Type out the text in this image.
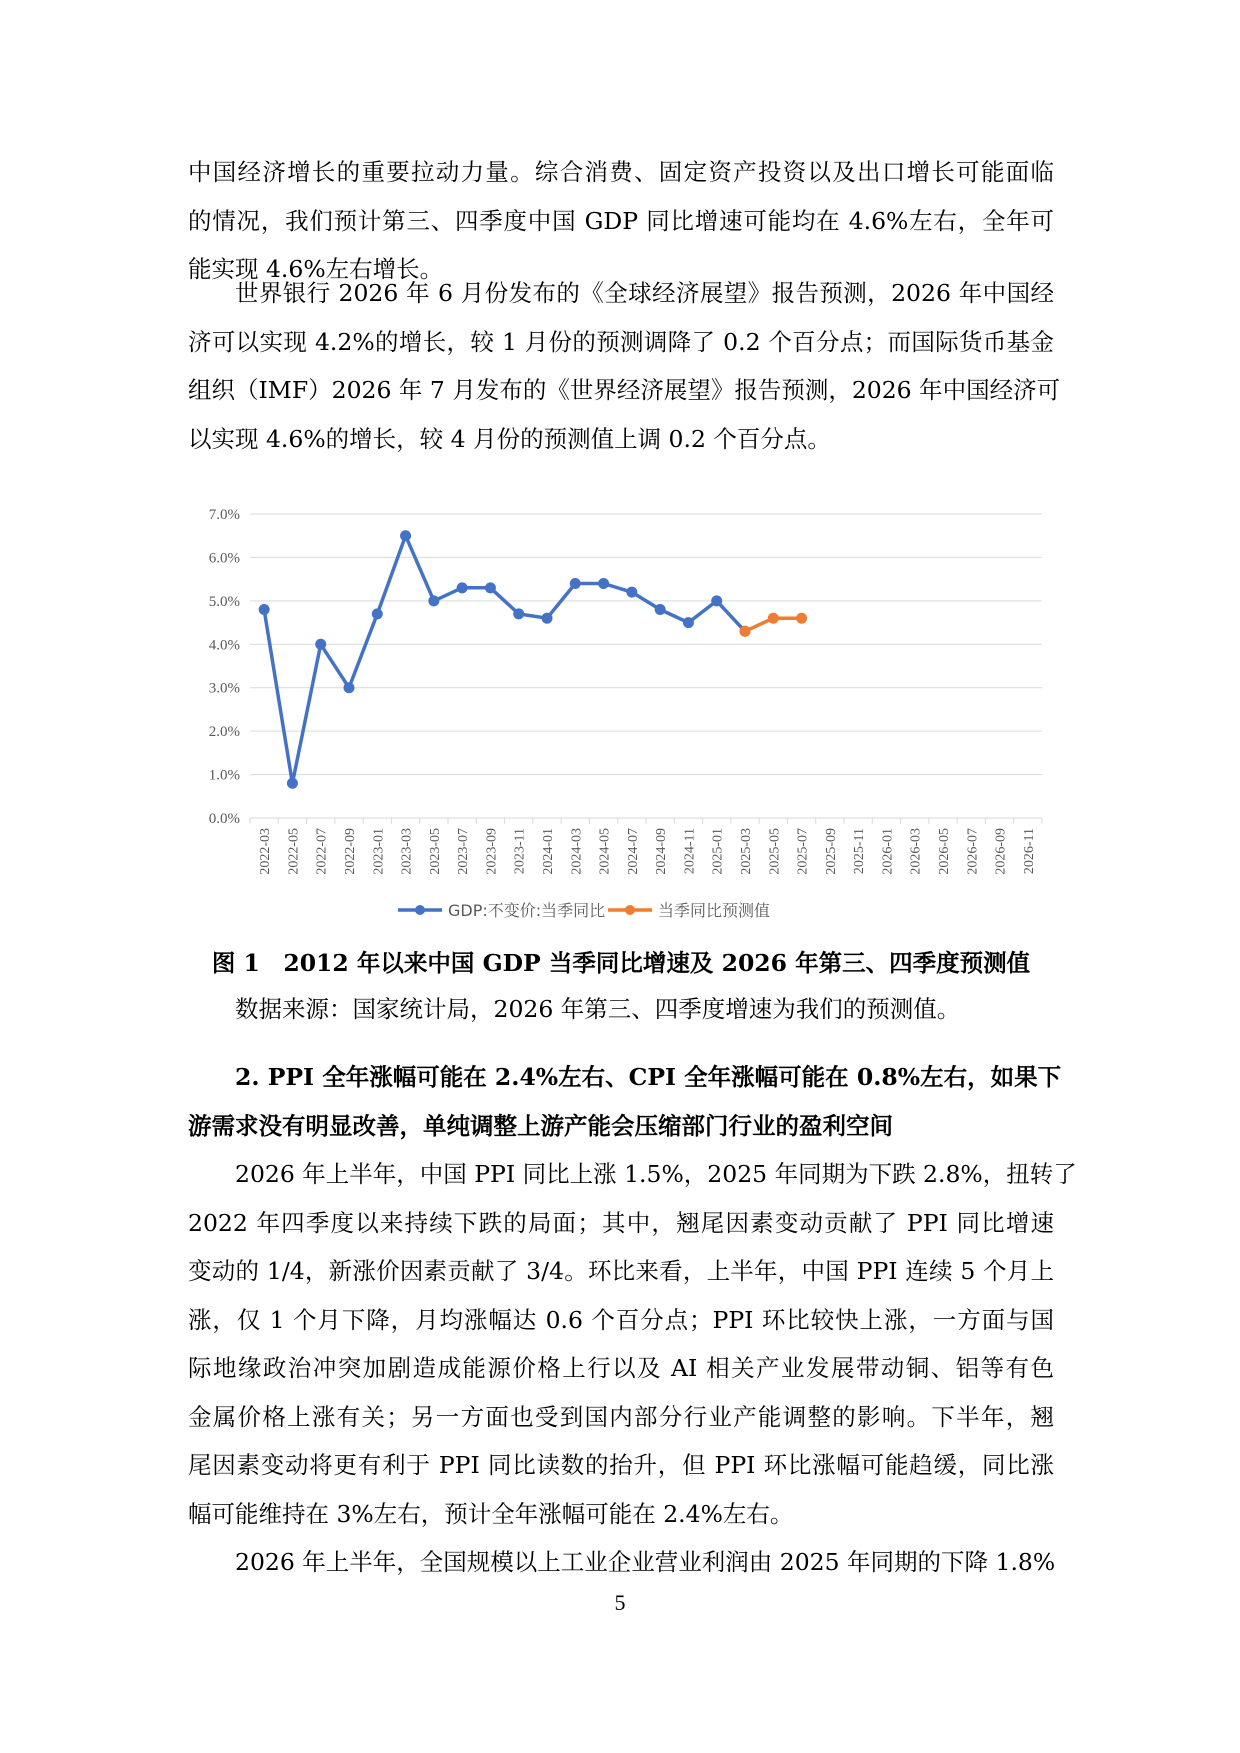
中国经济增长的重要拉动力量。综合消费、固定资产投资以及出口增长可能面临
的情况，我们预计第三、四季度中国 GDP 同比增速可能均在 4.6%左右，全年可
能实现 4.6%左右增长。
世界银行 2026 年 6 月份发布的《全球经济展望》报告预测，2026 年中国经
济可以实现 4.2%的增长，较 1 月份的预测调降了 0.2 个百分点；而国际货币基金
组织（IMF）2026 年 7 月发布的《世界经济展望》报告预测，2026 年中国经济可
以实现 4.6%的增长，较 4 月份的预测值上调 0.2 个百分点。
0.0%
1.0%
2.0%
3.0%
4.0%
5.0%
6.0%
7.0%
2022-03 2022-05 2022-07 2022-09 2023-01 2023-03 2023-05 2023-07 2023-09 2023-11 2024-01 2024-03 2024-05 2024-07 2024-09 2024-11 2025-01 2025-03 2025-05 2025-07 2025-09 2025-11 2026-01 2026-03 2026-05 2026-07 2026-09 2026-11
GDP:不变价:当季同比	当季同比预测值
图 1　2012 年以来中国 GDP 当季同比增速及 2026 年第三、四季度预测值
数据来源：国家统计局，2026 年第三、四季度增速为我们的预测值。
2. PPI 全年涨幅可能在 2.4%左右、CPI 全年涨幅可能在 0.8%左右，如果下
游需求没有明显改善，单纯调整上游产能会压缩部门行业的盈利空间
2026 年上半年，中国 PPI 同比上涨 1.5%，2025 年同期为下跌 2.8%，扭转了
2022 年四季度以来持续下跌的局面；其中，翘尾因素变动贡献了 PPI 同比增速
变动的 1/4，新涨价因素贡献了 3/4。环比来看，上半年，中国 PPI 连续 5 个月上
涨，仅 1 个月下降，月均涨幅达 0.6 个百分点；PPI 环比较快上涨，一方面与国
际地缘政治冲突加剧造成能源价格上行以及 AI 相关产业发展带动铜、铝等有色
金属价格上涨有关；另一方面也受到国内部分行业产能调整的影响。下半年，翘
尾因素变动将更有利于 PPI 同比读数的抬升，但 PPI 环比涨幅可能趋缓，同比涨
幅可能维持在 3%左右，预计全年涨幅可能在 2.4%左右。
2026 年上半年，全国规模以上工业企业营业利润由 2025 年同期的下降 1.8%
5
